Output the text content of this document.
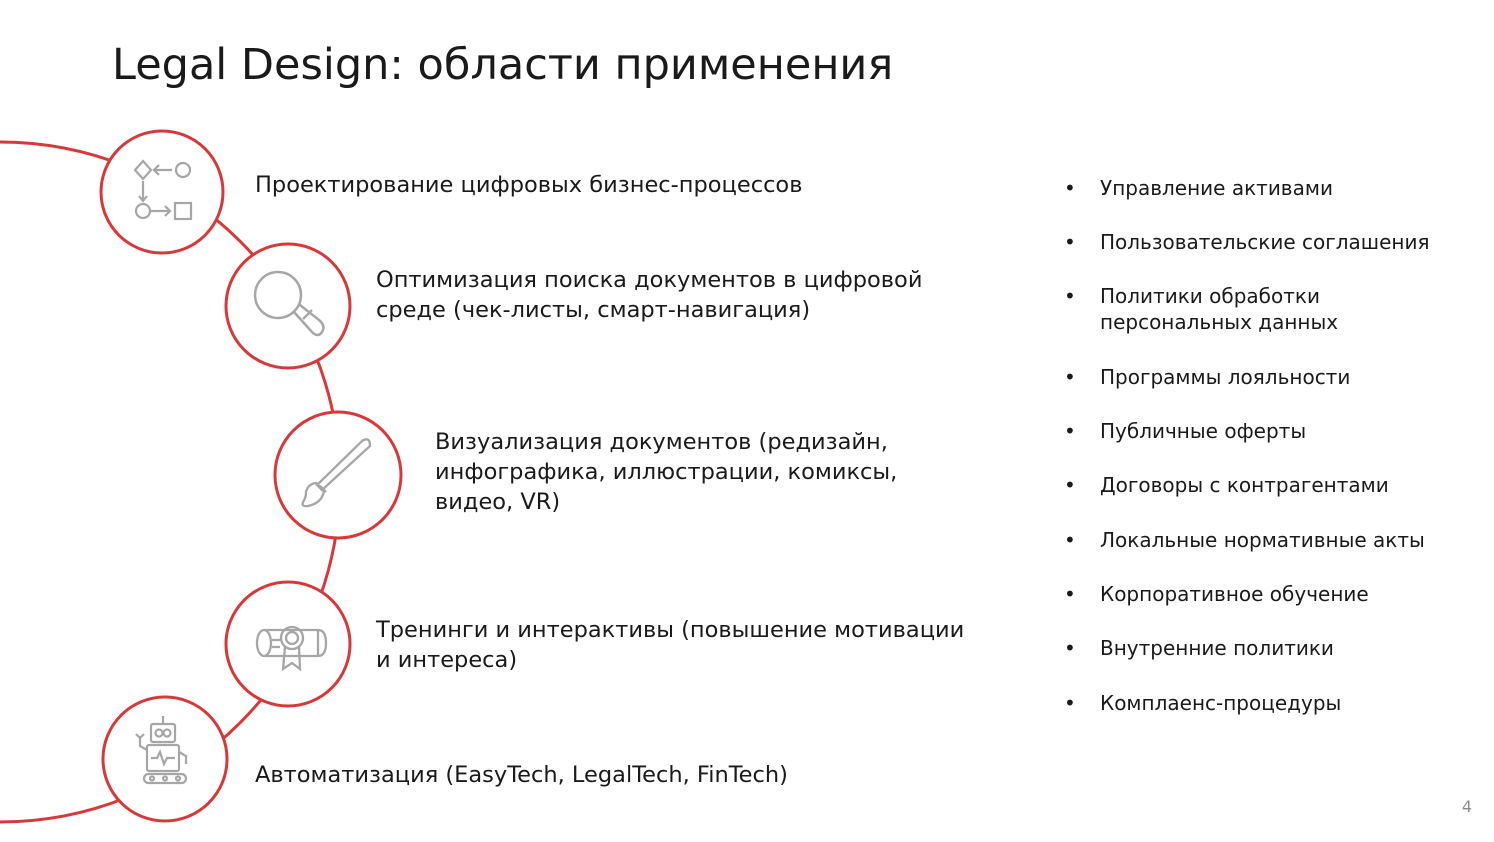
Legal Design: области применения

Проектирование цифровых бизнес-процессов

Оптимизация поиска документов в цифровой
среде (чек-листы, смарт-навигация)

Визуализация документов (редизайн,
инфографика, иллюстрации, комиксы,
видео, VR)

Тренинги и интерактивы (повышение мотивации
и интереса)

Автоматизация (EasyTech, LegalTech, FinTech)

• Управление активами
• Пользовательские соглашения
• Политики обработки
персональных данных
• Программы лояльности
• Публичные оферты
• Договоры с контрагентами
• Локальные нормативные акты
• Корпоративное обучение
• Внутренние политики
• Комплаенс-процедуры
4
